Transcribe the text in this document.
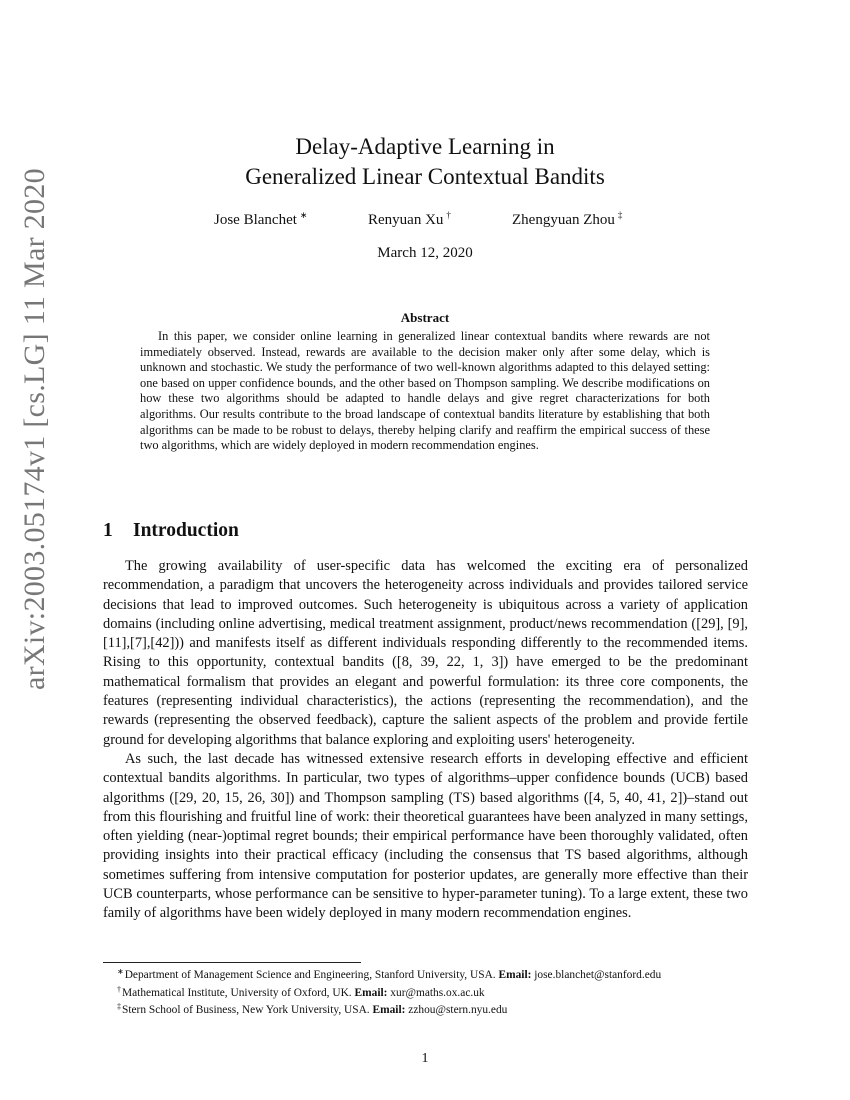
arXiv:2003.05174v1 [cs.LG] 11 Mar 2020
Delay-Adaptive Learning in
Generalized Linear Contextual Bandits
Jose Blanchet ∗	Renyuan Xu †	Zhengyuan Zhou ‡
March 12, 2020
Abstract

In this paper, we consider online learning in generalized linear contextual bandits where rewards are not immediately observed. Instead, rewards are available to the decision maker only after some delay, which is unknown and stochastic. We study the performance of two well-known algorithms adapted to this delayed setting: one based on upper confidence bounds, and the other based on Thompson sampling. We describe modifications on how these two algorithms should be adapted to handle delays and give regret characterizations for both algorithms. Our results contribute to the broad landscape of contextual bandits literature by establishing that both algorithms can be made to be robust to delays, thereby helping clarify and reaffirm the empirical success of these two algorithms, which are widely deployed in modern recommendation engines.

1 Introduction

The growing availability of user-specific data has welcomed the exciting era of personalized recommendation, a paradigm that uncovers the heterogeneity across individuals and provides tailored service decisions that lead to improved outcomes. Such heterogeneity is ubiquitous across a variety of application domains (including online advertising, medical treatment assignment, product/news recommendation ([29], [9],[11],[7],[42])) and manifests itself as different individuals responding differently to the recommended items. Rising to this opportunity, contextual bandits ([8, 39, 22, 1, 3]) have emerged to be the predominant mathematical formalism that provides an elegant and powerful formulation: its three core components, the features (representing individual characteristics), the actions (representing the recommendation), and the rewards (representing the observed feedback), capture the salient aspects of the problem and provide fertile ground for developing algorithms that balance exploring and exploiting users' heterogeneity.

As such, the last decade has witnessed extensive research efforts in developing effective and efficient contextual bandits algorithms. In particular, two types of algorithms–upper confidence bounds (UCB) based algorithms ([29, 20, 15, 26, 30]) and Thompson sampling (TS) based algorithms ([4, 5, 40, 41, 2])–stand out from this flourishing and fruitful line of work: their theoretical guarantees have been analyzed in many settings, often yielding (near-)optimal regret bounds; their empirical performance have been thoroughly validated, often providing insights into their practical efficacy (including the consensus that TS based algorithms, although sometimes suffering from intensive computation for posterior updates, are generally more effective than their UCB counterparts, whose performance can be sensitive to hyper-parameter tuning). To a large extent, these two family of algorithms have been widely deployed in many modern recommendation engines.

∗Department of Management Science and Engineering, Stanford University, USA. Email: jose.blanchet@stanford.edu

†Mathematical Institute, University of Oxford, UK. Email: xur@maths.ox.ac.uk

‡Stern School of Business, New York University, USA. Email: zzhou@stern.nyu.edu

1
